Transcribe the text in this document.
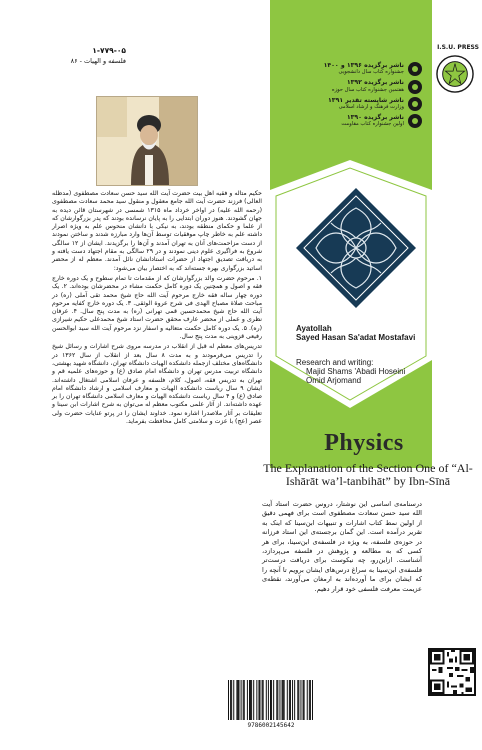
ناشر برگزیده ۱۳۹۶ و ۱۴۰۰
جشنواره کتاب سال دانشجویی
ناشر برگزیده ۱۳۹۲
هفتمین جشنواره کتاب سال حوزه
ناشر شایسته تقدیر ۱۳۹۱
وزارت فرهنگ و ارشاد اسلامی
ناشر برگزیده ۱۳۹۰
اولین جشنواره کتاب مقاومت
I.S.U. PRESS
۱-۷۷۹-۰۵
فلسفه و الهیات - ۸۶

حکیم متاله و فقیه اهل بیت حضرت آیت الله سید حسن سعادت مصطفوی (مدظله العالی) فرزند حضرت آیت الله جامع معقول و منقول سید محمد سعادت مصطفوی (رحمه الله علیه) در اواخر خرداد ماه ۱۳۱۵ شمسی در شهرستان قائن دیده به جهان گشودند. هنوز دوران ابتدایی را به پایان نرسانده بودند که پدر بزرگوارشان که از علما و حکمای منطقه بودند، به نیکی با دانشان منحوس علم به ویژه اصرار داشته علم به خاطر چاپ موفقیات توسط آن‌ها وارد مبارزه شدند و ساختن نمودند از دست مزاحمت‌های آنان به تهران آمدند و آن‌ها را برگزیدند. ایشان از ۱۲ سالگی شروع به فراگیری علوم دینی نمودند و در ۲۹ سالگی به مقام اجتهاد دست یافته و به دریافت تصدیق اجتهاد از حضرات استادانشان نائل آمدند. معظم له از محضر اساتید بزرگواری بهره جسته‌اند که به اختصار بیان می‌شود:

۱. مرحوم حضرت والد بزرگوارشان که از مقدمات تا تمام سطوح و یک دوره خارج فقه و اصول و همچنین یک دوره کامل حکمت مشاء در محضرشان بوده‌اند. ۲. یک دوره چهار ساله فقه خارج مرحوم آیت الله حاج شیخ محمد تقی آملی (ره) در مباحث صلاة مصباح الهدی فی شرح عروة الوثقی. ۳. یک دوره خارج کفایه مرحوم آیت الله حاج شیخ محمدحسین قمی تهرانی (ره) به مدت پنج سال. ۴. عرفان نظری و عملی از محضر عارف محقق حضرت استاد شیخ محمدعلی حکیم شیرازی (ره). ۵. یک دوره کامل حکمت متعالیه و اسفار نزد مرحوم آیت الله سید ابوالحسن رفیعی قزوینی به مدت پنج سال.

تدریس‌های معظم له قبل از انقلاب در مدرسه مروی شرح اشارات و رسائل شیخ را تدریس می‌فرمودند و به مدت ۸ سال بعد از انقلاب از سال ۱۳۶۲ در دانشگاه‌های مختلف ازجمله دانشکده الهیات دانشگاه تهران، دانشگاه شهید بهشتی، دانشگاه تربیت مدرس تهران و دانشگاه امام صادق (ع) و حوزه‌های علمیه قم و تهران به تدریس فقه، اصول، کلام، فلسفه و عرفان اسلامی اشتغال داشته‌اند. ایشان ۹ سال ریاست دانشکده الهیات و معارف اسلامی و ارشاد دانشگاه امام صادق (ع) و ۴ سال ریاست دانشکده الهیات و معارف اسلامی دانشگاه تهران را بر عهده داشته‌اند. از آثار علمی مکتوب معظم له می‌توان به شرح اشارات ابن سینا و تعلیقات بر آثار ملاصدرا اشاره نمود. خداوند ایشان را در پرتو عنایات حضرت ولی عصر (عج) با عزت و سلامتی کامل محافظت بفرماید.

Ayatollah
Sayed Hasan Sa'adat Mostafavi
Research and writing:
Majid Shams 'Abadi Hoseini
Omid Arjomand
Physics
The Explanation of the Section One of “Al-Ishārāt wa’l-tanbihāt” by Ibn-Sīnā
درسنامه‌ی اساسی این نوشتار، دروس حضرت استاد آیت الله سید حسن سعادت مصطفوی است برای فهمی دقیق از اولین نمط کتاب اشارات و تنبیهات ابن‌سینا که اینک به تقریر درآمده است. این گمان برجسته‌ی این استاد فرزانه در حوزه‌ی فلسفه، به ویژه در فلسفه‌ی ابن‌سینا، برای هر کسی که به مطالعه و پژوهش در فلسفه می‌پردازد، آشناست. ازاین‌رو، چه نیکوست برای دریافت درست‌تر فلسفه‌ی ابن‌سینا به سراغ درس‌های ایشان برویم تا آنچه را که ایشان برای ما آورده‌اند به ارمغان می‌آورند، نقطه‌ی عزیمت معرفت فلسفی خود قرار دهیم.
9786002145642
